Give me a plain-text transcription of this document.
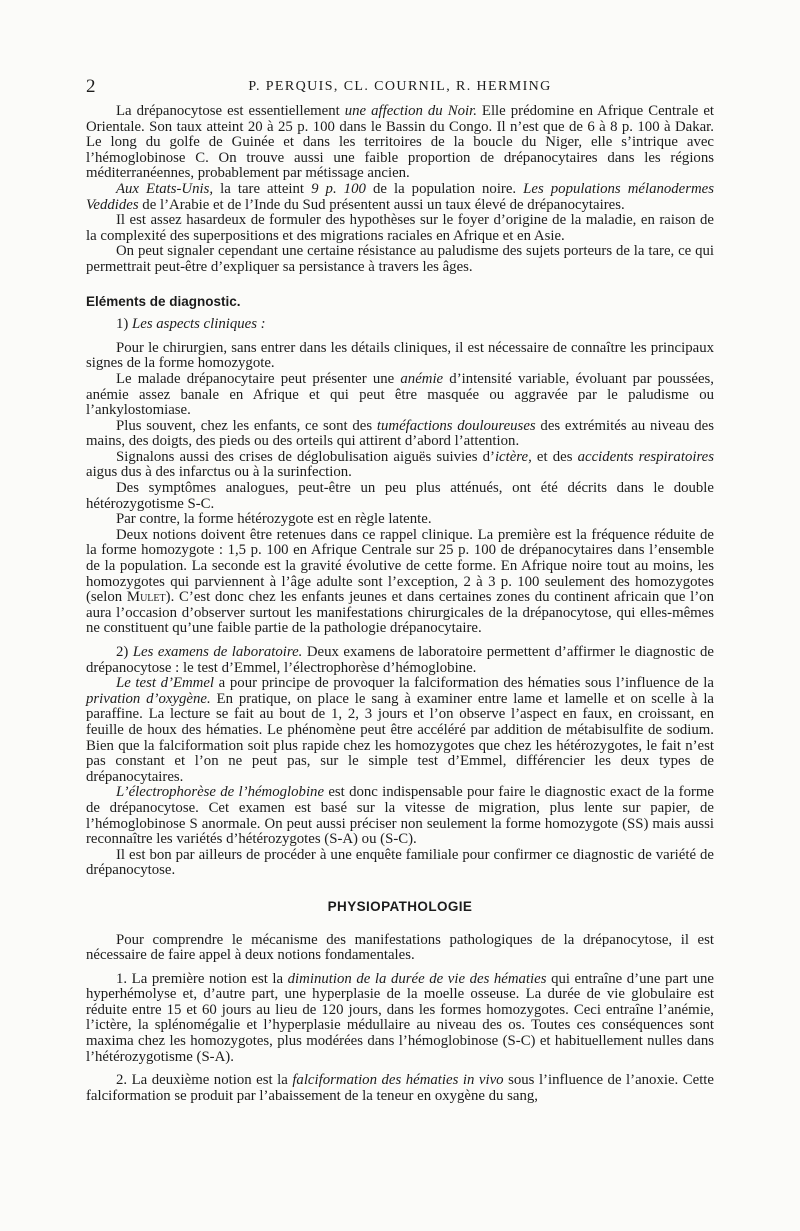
2	P. PERQUIS, CL. COURNIL, R. HERMING

La drépanocytose est essentiellement une affection du Noir. Elle prédomine en Afrique Centrale et Orientale. Son taux atteint 20 à 25 p. 100 dans le Bassin du Congo. Il n’est que de 6 à 8 p. 100 à Dakar. Le long du golfe de Guinée et dans les territoires de la boucle du Niger, elle s’intrique avec l’hémoglobinose C. On trouve aussi une faible proportion de drépanocytaires dans les régions méditerranéennes, probablement par métissage ancien.

Aux Etats-Unis, la tare atteint 9 p. 100 de la population noire. Les populations mélanodermes Veddides de l’Arabie et de l’Inde du Sud présentent aussi un taux élevé de drépanocytaires.

Il est assez hasardeux de formuler des hypothèses sur le foyer d’origine de la maladie, en raison de la complexité des superpositions et des migrations raciales en Afrique et en Asie.

On peut signaler cependant une certaine résistance au paludisme des sujets porteurs de la tare, ce qui permettrait peut-être d’expliquer sa persistance à travers les âges.

Eléments de diagnostic.

1) Les aspects cliniques :

Pour le chirurgien, sans entrer dans les détails cliniques, il est nécessaire de connaître les principaux signes de la forme homozygote.

Le malade drépanocytaire peut présenter une anémie d’intensité variable, évoluant par poussées, anémie assez banale en Afrique et qui peut être masquée ou aggravée par le paludisme ou l’ankylostomiase.

Plus souvent, chez les enfants, ce sont des tuméfactions douloureuses des extrémités au niveau des mains, des doigts, des pieds ou des orteils qui attirent d’abord l’attention.

Signalons aussi des crises de déglobulisation aiguës suivies d’ictère, et des accidents respiratoires aigus dus à des infarctus ou à la surinfection.

Des symptômes analogues, peut-être un peu plus atténués, ont été décrits dans le double hétérozygotisme S-C.

Par contre, la forme hétérozygote est en règle latente.

Deux notions doivent être retenues dans ce rappel clinique. La première est la fréquence réduite de la forme homozygote : 1,5 p. 100 en Afrique Centrale sur 25 p. 100 de drépanocytaires dans l’ensemble de la population. La seconde est la gravité évolutive de cette forme. En Afrique noire tout au moins, les homozygotes qui parviennent à l’âge adulte sont l’exception, 2 à 3 p. 100 seulement des homozygotes (selon Mulet). C’est donc chez les enfants jeunes et dans certaines zones du continent africain que l’on aura l’occasion d’observer surtout les manifestations chirurgicales de la drépanocytose, qui elles-mêmes ne constituent qu’une faible partie de la pathologie drépanocytaire.

2) Les examens de laboratoire. Deux examens de laboratoire permettent d’affirmer le diagnostic de drépanocytose : le test d’Emmel, l’électrophorèse d’hémoglobine.

Le test d’Emmel a pour principe de provoquer la falciformation des hématies sous l’influence de la privation d’oxygène. En pratique, on place le sang à examiner entre lame et lamelle et on scelle à la paraffine. La lecture se fait au bout de 1, 2, 3 jours et l’on observe l’aspect en faux, en croissant, en feuille de houx des hématies. Le phénomène peut être accéléré par addition de métabisulfite de sodium. Bien que la falciformation soit plus rapide chez les homozygotes que chez les hétérozygotes, le fait n’est pas constant et l’on ne peut pas, sur le simple test d’Emmel, différencier les deux types de drépanocytaires.

L’électrophorèse de l’hémoglobine est donc indispensable pour faire le diagnostic exact de la forme de drépanocytose. Cet examen est basé sur la vitesse de migration, plus lente sur papier, de l’hémoglobinose S anormale. On peut aussi préciser non seulement la forme homozygote (SS) mais aussi reconnaître les variétés d’hétérozygotes (S-A) ou (S-C).

Il est bon par ailleurs de procéder à une enquête familiale pour confirmer ce diagnostic de variété de drépanocytose.

PHYSIOPATHOLOGIE

Pour comprendre le mécanisme des manifestations pathologiques de la drépanocytose, il est nécessaire de faire appel à deux notions fondamentales.

1. La première notion est la diminution de la durée de vie des hématies qui entraîne d’une part une hyperhémolyse et, d’autre part, une hyperplasie de la moelle osseuse. La durée de vie globulaire est réduite entre 15 et 60 jours au lieu de 120 jours, dans les formes homozygotes. Ceci entraîne l’anémie, l’ictère, la splénomégalie et l’hyperplasie médullaire au niveau des os. Toutes ces conséquences sont maxima chez les homozygotes, plus modérées dans l’hémoglobinose (S-C) et habituellement nulles dans l’hétérozygotisme (S-A).

2. La deuxième notion est la falciformation des hématies in vivo sous l’influence de l’anoxie. Cette falciformation se produit par l’abaissement de la teneur en oxygène du sang,
